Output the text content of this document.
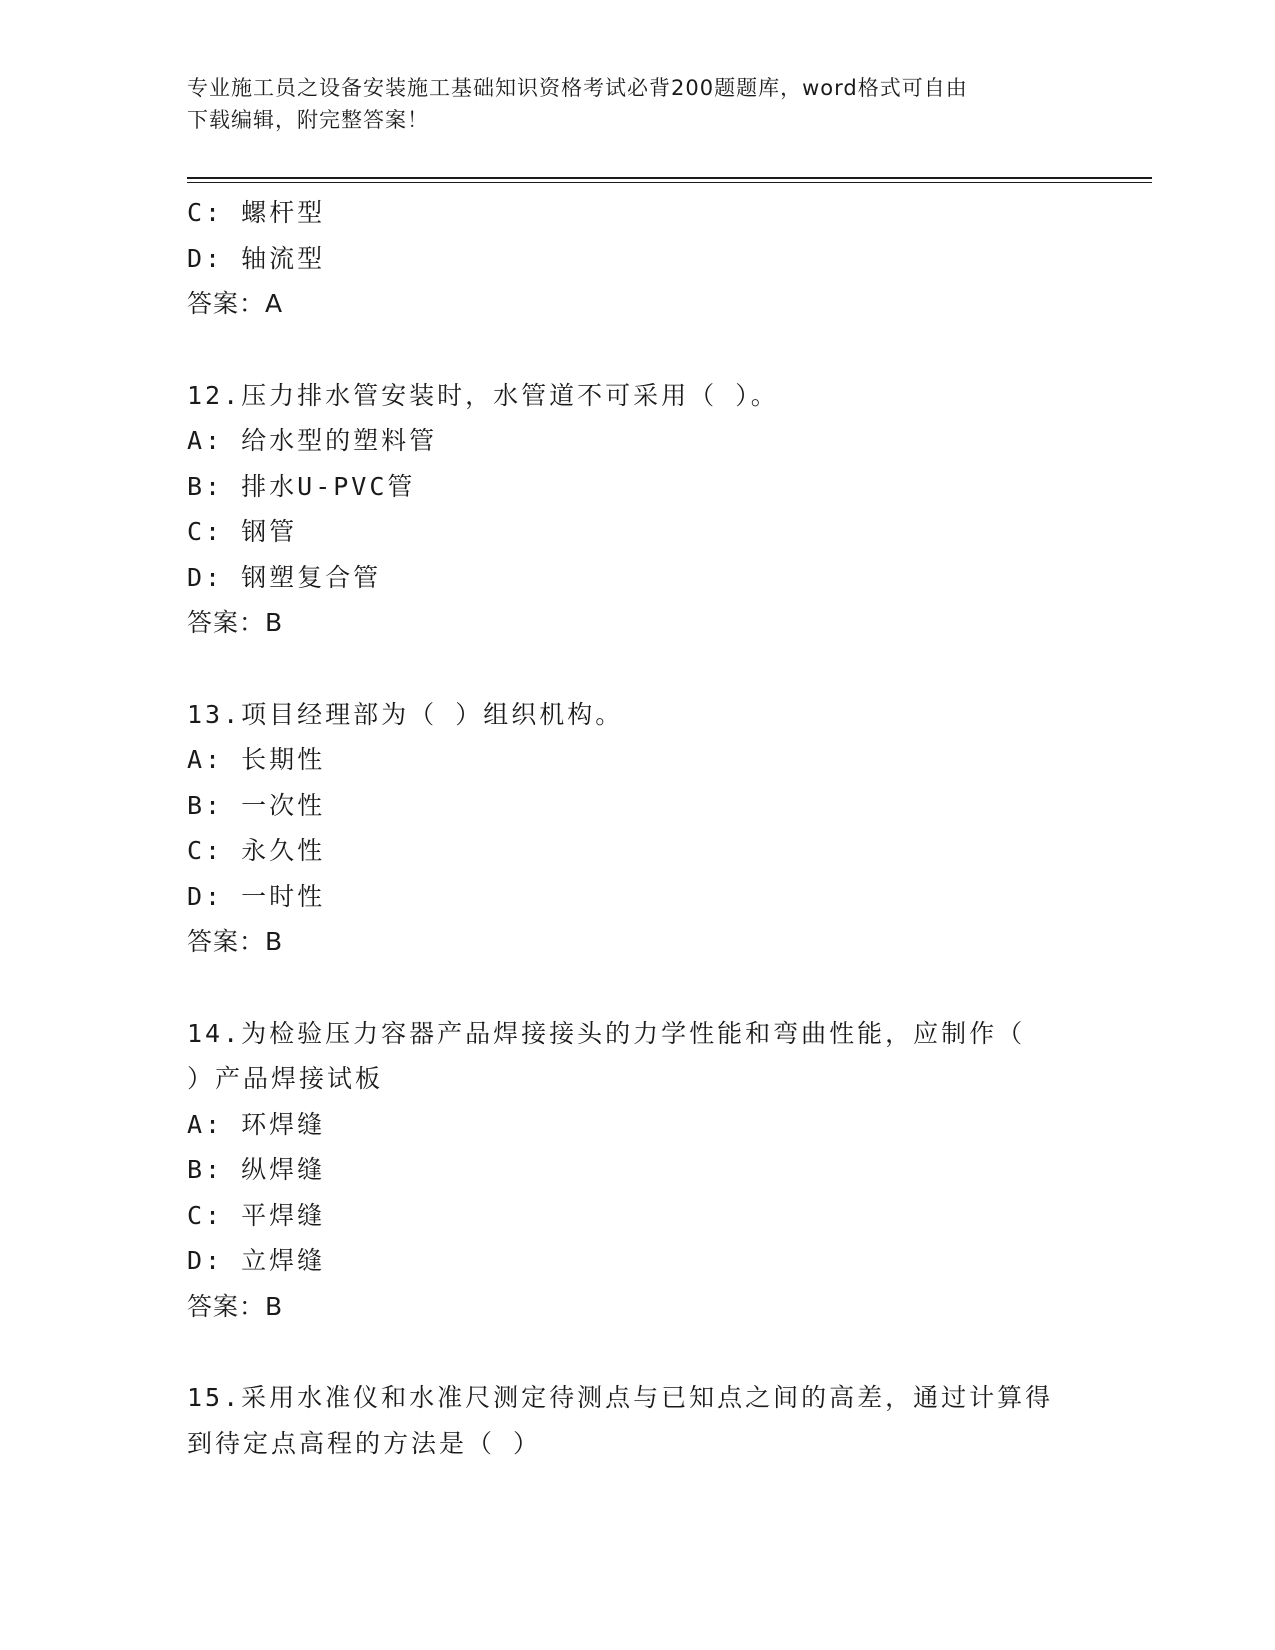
专业施工员之设备安装施工基础知识资格考试必背200题题库，word格式可自由
下载编辑，附完整答案！
C: 螺杆型
D: 轴流型
答案：A
12.压力排水管安装时，水管道不可采用（ ）。
A: 给水型的塑料管
B: 排水U-PVC管
C: 钢管
D: 钢塑复合管
答案：B
13.项目经理部为（ ）组织机构。
A: 长期性
B: 一次性
C: 永久性
D: 一时性
答案：B
14.为检验压力容器产品焊接接头的力学性能和弯曲性能，应制作（
）产品焊接试板
A: 环焊缝
B: 纵焊缝
C: 平焊缝
D: 立焊缝
答案：B
15.采用水准仪和水准尺测定待测点与已知点之间的高差，通过计算得
到待定点高程的方法是（ ）
